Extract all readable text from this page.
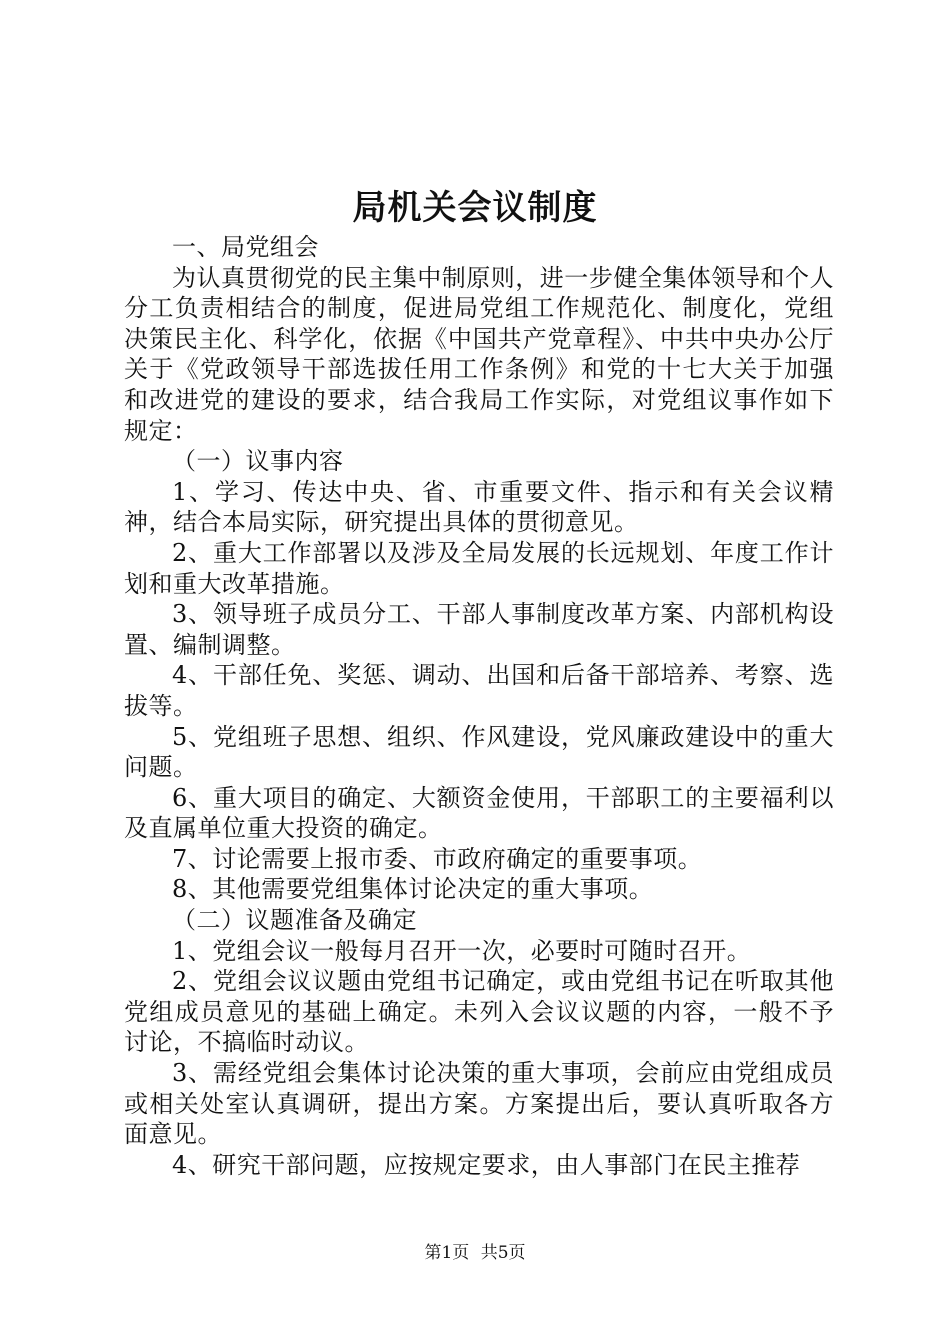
局机关会议制度

一、局党组会

为认真贯彻党的民主集中制原则，进一步健全集体领导和个人分工负责相结合的制度，促进局党组工作规范化、制度化，党组决策民主化、科学化，依据《中国共产党章程》、中共中央办公厅关于《党政领导干部选拔任用工作条例》和党的十七大关于加强和改进党的建设的要求，结合我局工作实际，对党组议事作如下规定：

（一）议事内容

1、学习、传达中央、省、市重要文件、指示和有关会议精神，结合本局实际，研究提出具体的贯彻意见。

2、重大工作部署以及涉及全局发展的长远规划、年度工作计划和重大改革措施。

3、领导班子成员分工、干部人事制度改革方案、内部机构设置、编制调整。

4、干部任免、奖惩、调动、出国和后备干部培养、考察、选拔等。

5、党组班子思想、组织、作风建设，党风廉政建设中的重大问题。

6、重大项目的确定、大额资金使用，干部职工的主要福利以及直属单位重大投资的确定。

7、讨论需要上报市委、市政府确定的重要事项。

8、其他需要党组集体讨论决定的重大事项。

（二）议题准备及确定

1、党组会议一般每月召开一次，必要时可随时召开。

2、党组会议议题由党组书记确定，或由党组书记在听取其他党组成员意见的基础上确定。未列入会议议题的内容，一般不予讨论，不搞临时动议。

3、需经党组会集体讨论决策的重大事项，会前应由党组成员或相关处室认真调研，提出方案。方案提出后，要认真听取各方面意见。

4、研究干部问题，应按规定要求，由人事部门在民主推荐

第1页 共5页
